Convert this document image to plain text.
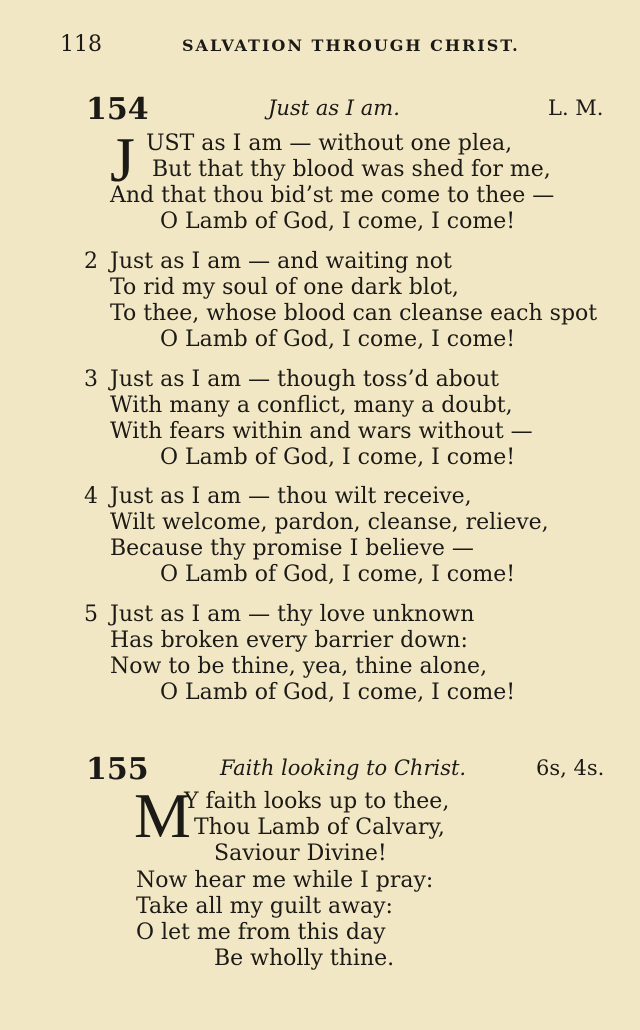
118	SALVATION THROUGH CHRIST.
154	Just as I am.	L. M.
J UST as I am — without one plea,
But that thy blood was shed for me,
And that thou bid’st me come to thee —
O Lamb of God, I come, I come!
2 Just as I am — and waiting not
To rid my soul of one dark blot,
To thee, whose blood can cleanse each spot
O Lamb of God, I come, I come!
3 Just as I am — though toss’d about
With many a conflict, many a doubt,
With fears within and wars without —
O Lamb of God, I come, I come!
4 Just as I am — thou wilt receive,
Wilt welcome, pardon, cleanse, relieve,
Because thy promise I believe —
O Lamb of God, I come, I come!
5 Just as I am — thy love unknown
Has broken every barrier down:
Now to be thine, yea, thine alone,
O Lamb of God, I come, I come!
155	Faith looking to Christ.	6s, 4s.
M
Y faith looks up to thee,
Thou Lamb of Calvary,
Saviour Divine!
Now hear me while I pray:
Take all my guilt away:
O let me from this day
Be wholly thine.
